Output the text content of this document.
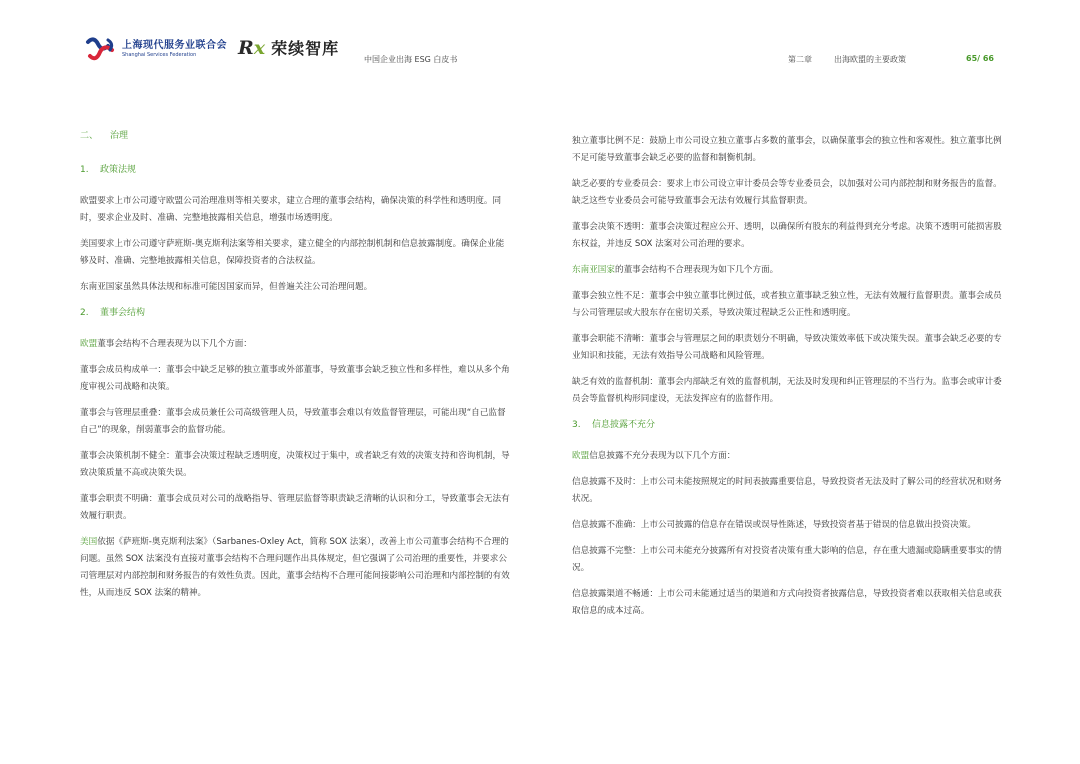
上海现代服务业联合会
Shanghai Services Federation	Rx 荣续智库
中国企业出海 ESG 白皮书	第二章	出海欧盟的主要政策	65/ 66
二、 治理
1. 政策法规

欧盟要求上市公司遵守欧盟公司治理准则等相关要求，建立合理的董事会结构，确保决策的科学性和透明度。同时，要求企业及时、准确、完整地披露相关信息，增强市场透明度。

美国要求上市公司遵守萨班斯-奥克斯利法案等相关要求，建立健全的内部控制机制和信息披露制度。确保企业能够及时、准确、完整地披露相关信息，保障投资者的合法权益。

东南亚国家虽然具体法规和标准可能因国家而异，但普遍关注公司治理问题。

2. 董事会结构

欧盟董事会结构不合理表现为以下几个方面：

董事会成员构成单一：董事会中缺乏足够的独立董事或外部董事，导致董事会缺乏独立性和多样性，难以从多个角度审视公司战略和决策。

董事会与管理层重叠：董事会成员兼任公司高级管理人员，导致董事会难以有效监督管理层，可能出现“自己监督自己”的现象，削弱董事会的监督功能。

董事会决策机制不健全：董事会决策过程缺乏透明度，决策权过于集中，或者缺乏有效的决策支持和咨询机制，导致决策质量不高或决策失误。

董事会职责不明确：董事会成员对公司的战略指导、管理层监督等职责缺乏清晰的认识和分工，导致董事会无法有效履行职责。

美国依据《萨班斯-奥克斯利法案》（Sarbanes-Oxley Act，简称 SOX 法案），改善上市公司董事会结构不合理的问题。虽然 SOX 法案没有直接对董事会结构不合理问题作出具体规定，但它强调了公司治理的重要性，并要求公司管理层对内部控制和财务报告的有效性负责。因此，董事会结构不合理可能间接影响公司治理和内部控制的有效性，从而违反 SOX 法案的精神。

独立董事比例不足：鼓励上市公司设立独立董事占多数的董事会，以确保董事会的独立性和客观性。独立董事比例不足可能导致董事会缺乏必要的监督和制衡机制。

缺乏必要的专业委员会：要求上市公司设立审计委员会等专业委员会，以加强对公司内部控制和财务报告的监督。缺乏这些专业委员会可能导致董事会无法有效履行其监督职责。

董事会决策不透明：董事会决策过程应公开、透明，以确保所有股东的利益得到充分考虑。决策不透明可能损害股东权益，并违反 SOX 法案对公司治理的要求。

东南亚国家的董事会结构不合理表现为如下几个方面。

董事会独立性不足：董事会中独立董事比例过低，或者独立董事缺乏独立性，无法有效履行监督职责。董事会成员与公司管理层或大股东存在密切关系，导致决策过程缺乏公正性和透明度。

董事会职能不清晰：董事会与管理层之间的职责划分不明确，导致决策效率低下或决策失误。董事会缺乏必要的专业知识和技能，无法有效指导公司战略和风险管理。

缺乏有效的监督机制：董事会内部缺乏有效的监督机制，无法及时发现和纠正管理层的不当行为。监事会或审计委员会等监督机构形同虚设，无法发挥应有的监督作用。

3. 信息披露不充分

欧盟信息披露不充分表现为以下几个方面：

信息披露不及时：上市公司未能按照规定的时间表披露重要信息，导致投资者无法及时了解公司的经营状况和财务状况。

信息披露不准确：上市公司披露的信息存在错误或误导性陈述，导致投资者基于错误的信息做出投资决策。

信息披露不完整：上市公司未能充分披露所有对投资者决策有重大影响的信息，存在重大遗漏或隐瞒重要事实的情况。

信息披露渠道不畅通：上市公司未能通过适当的渠道和方式向投资者披露信息，导致投资者难以获取相关信息或获取信息的成本过高。
